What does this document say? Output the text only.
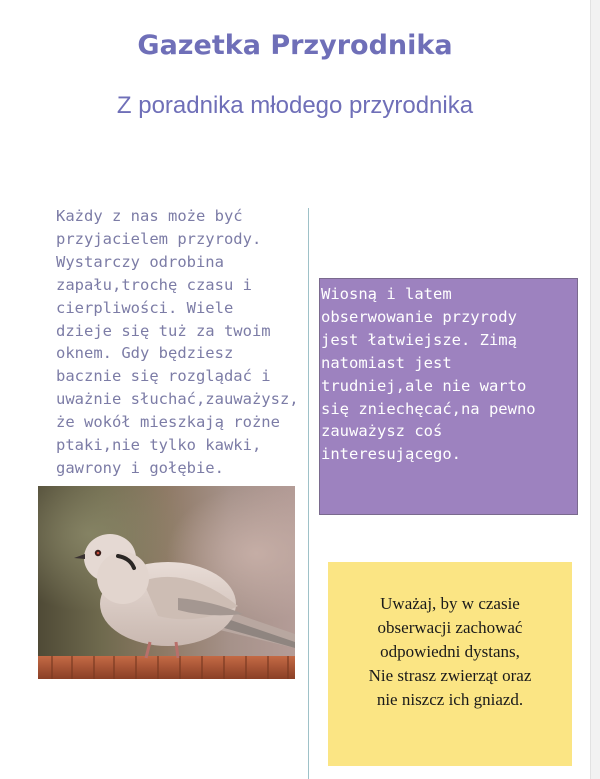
Gazetka Przyrodnika
Z poradnika młodego przyrodnika
Każdy z nas może być
przyjacielem przyrody.
Wystarczy odrobina
zapału,trochę czasu i
cierpliwości. Wiele
dzieje się tuż za twoim
oknem. Gdy będziesz
bacznie się rozglądać i
uważnie słuchać,zauważysz,
że wokół mieszkają rożne
ptaki,nie tylko kawki,
gawrony i gołębie.
Wiosną i latem
obserwowanie przyrody
jest łatwiejsze. Zimą
natomiast jest
trudniej,ale nie warto
się zniechęcać,na pewno
zauważysz coś
interesującego.
Uważaj, by w czasie
obserwacji zachować
odpowiedni dystans,
Nie strasz zwierząt oraz
nie niszcz ich gniazd.
